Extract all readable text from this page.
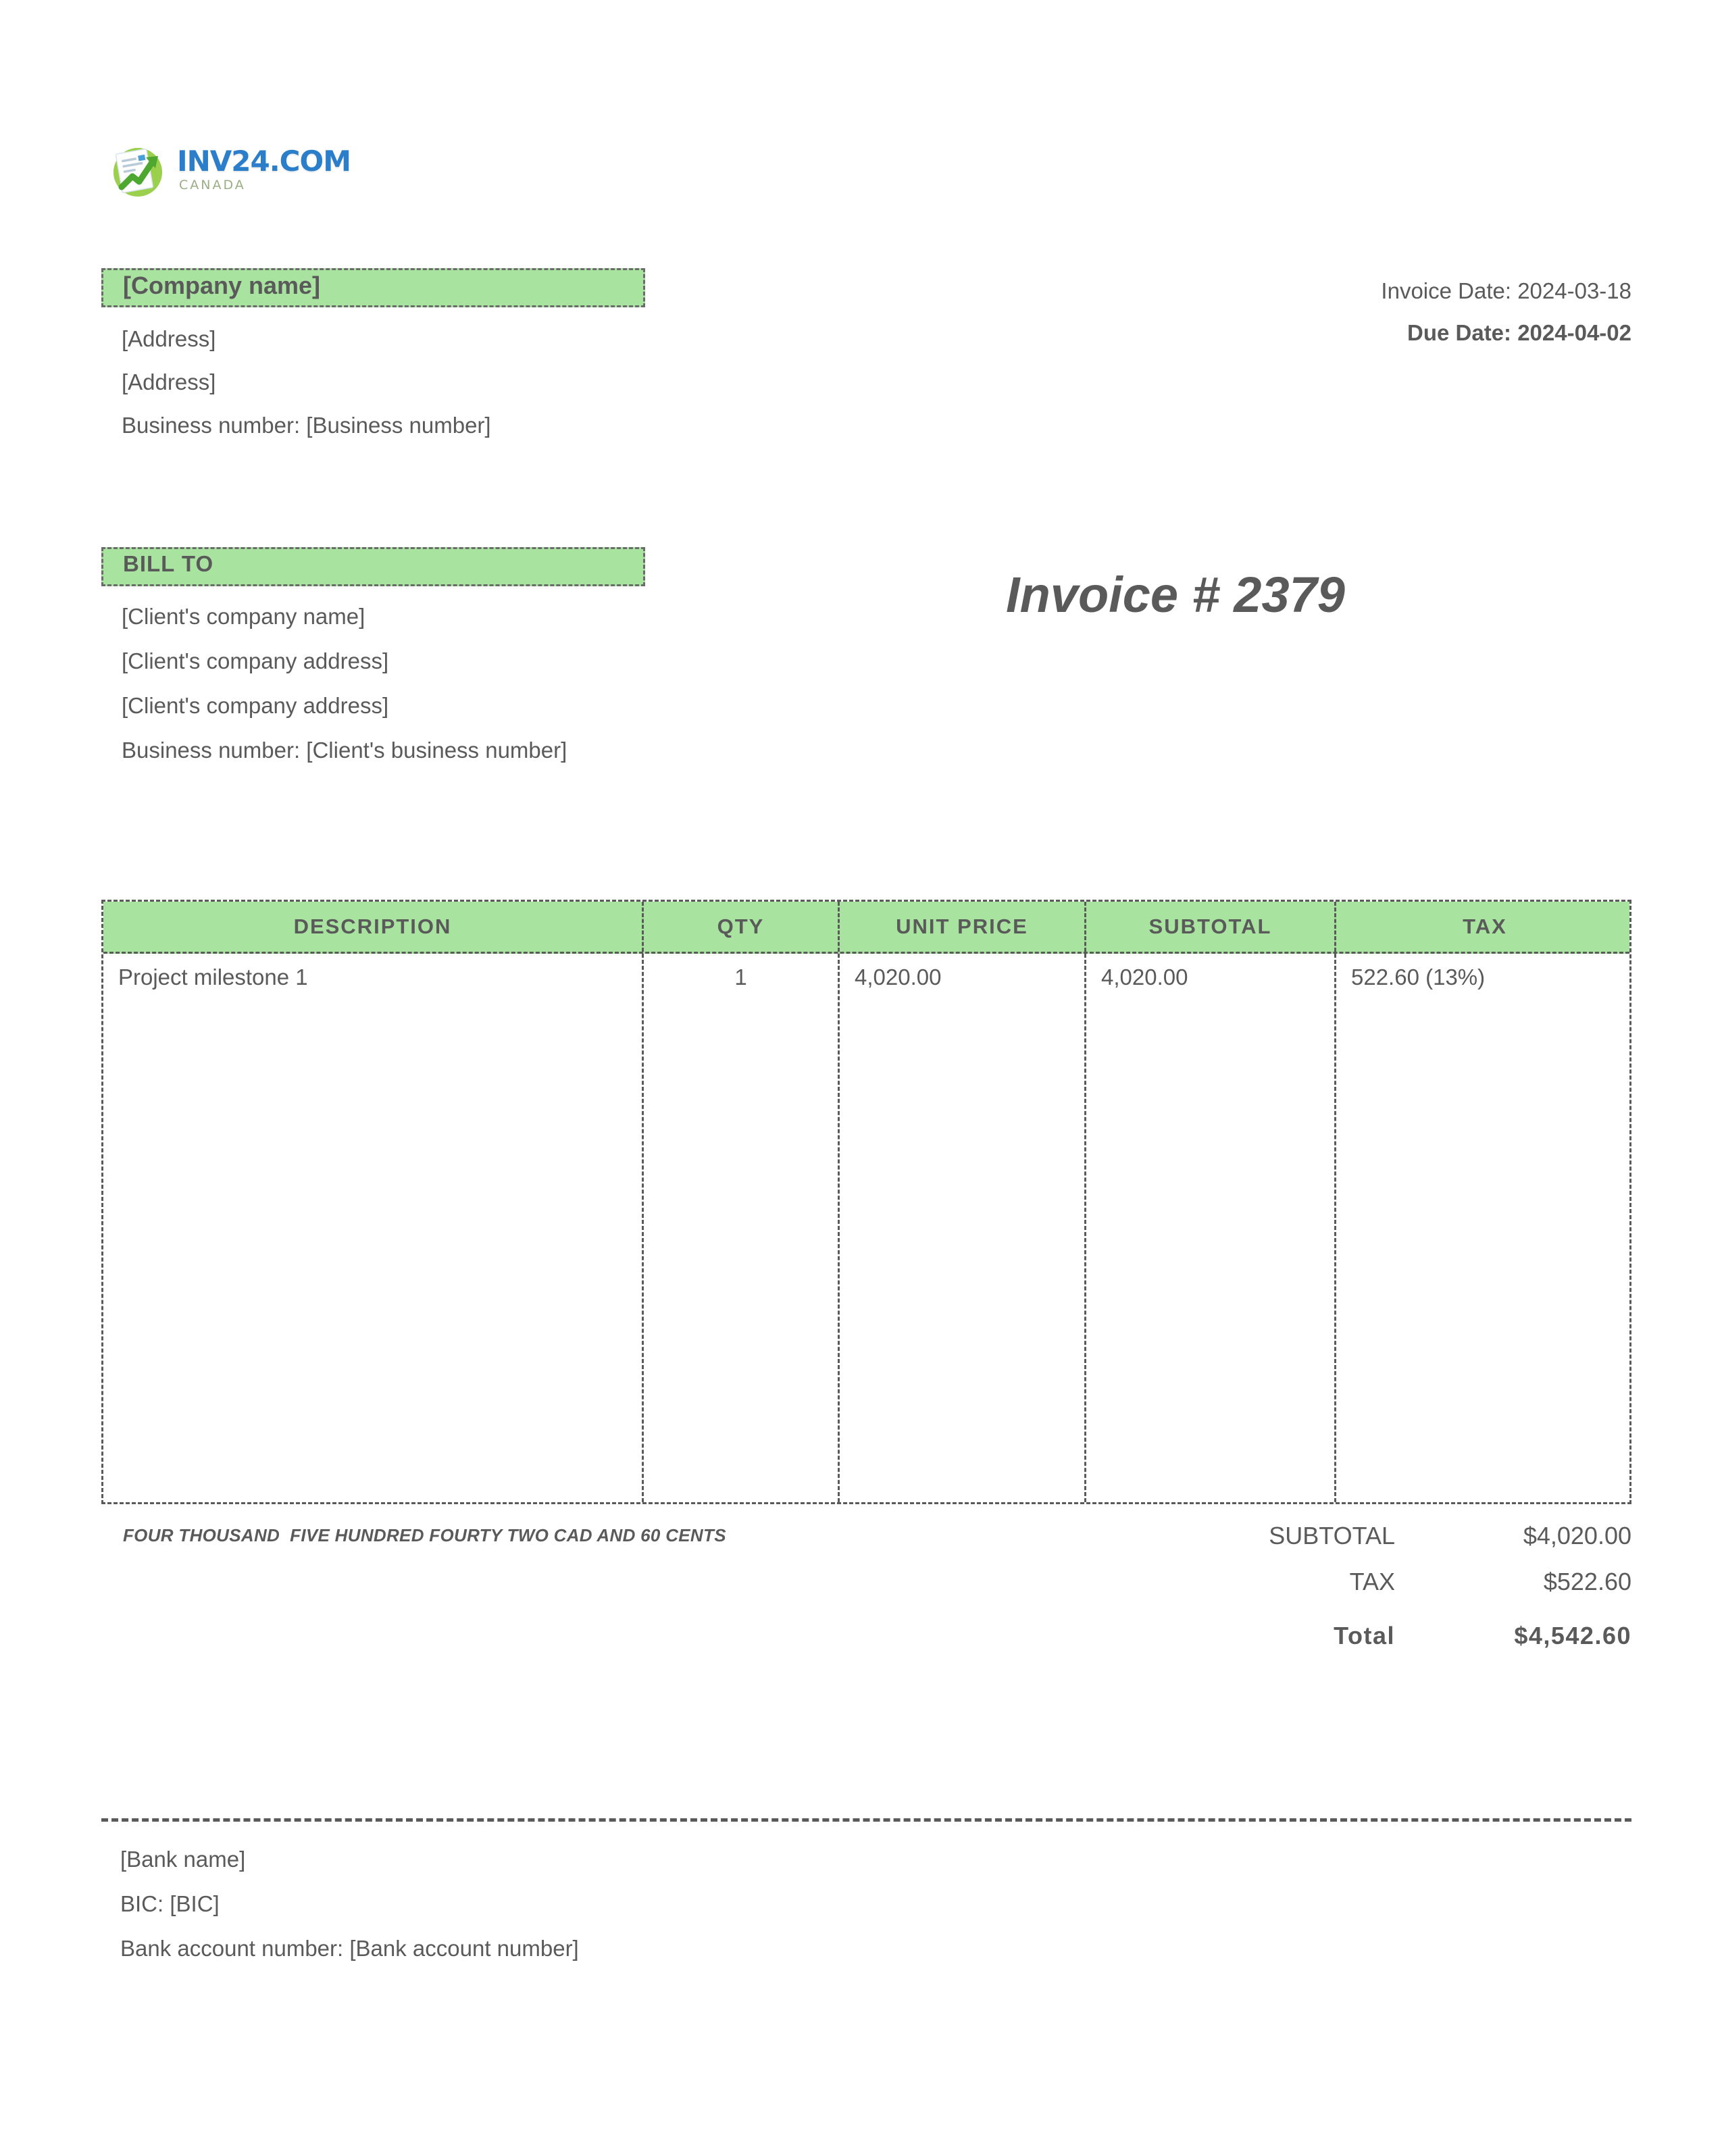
INV24.COM
CANADA
[Company name]
[Address]
[Address]
Business number: [Business number]
Invoice Date: 2024-03-18
Due Date: 2024-04-02
BILL TO
[Client's company name]
[Client's company address]
[Client's company address]
Business number: [Client's business number]
Invoice # 2379
DESCRIPTION	QTY	UNIT PRICE	SUBTOTAL	TAX
Project milestone 1	1	4,020.00	4,020.00	522.60 (13%)
FOUR THOUSAND  FIVE HUNDRED FOURTY TWO CAD AND 60 CENTS	SUBTOTAL	$4,020.00
TAX	$522.60
Total	$4,542.60
[Bank name]
BIC: [BIC]
Bank account number: [Bank account number]
